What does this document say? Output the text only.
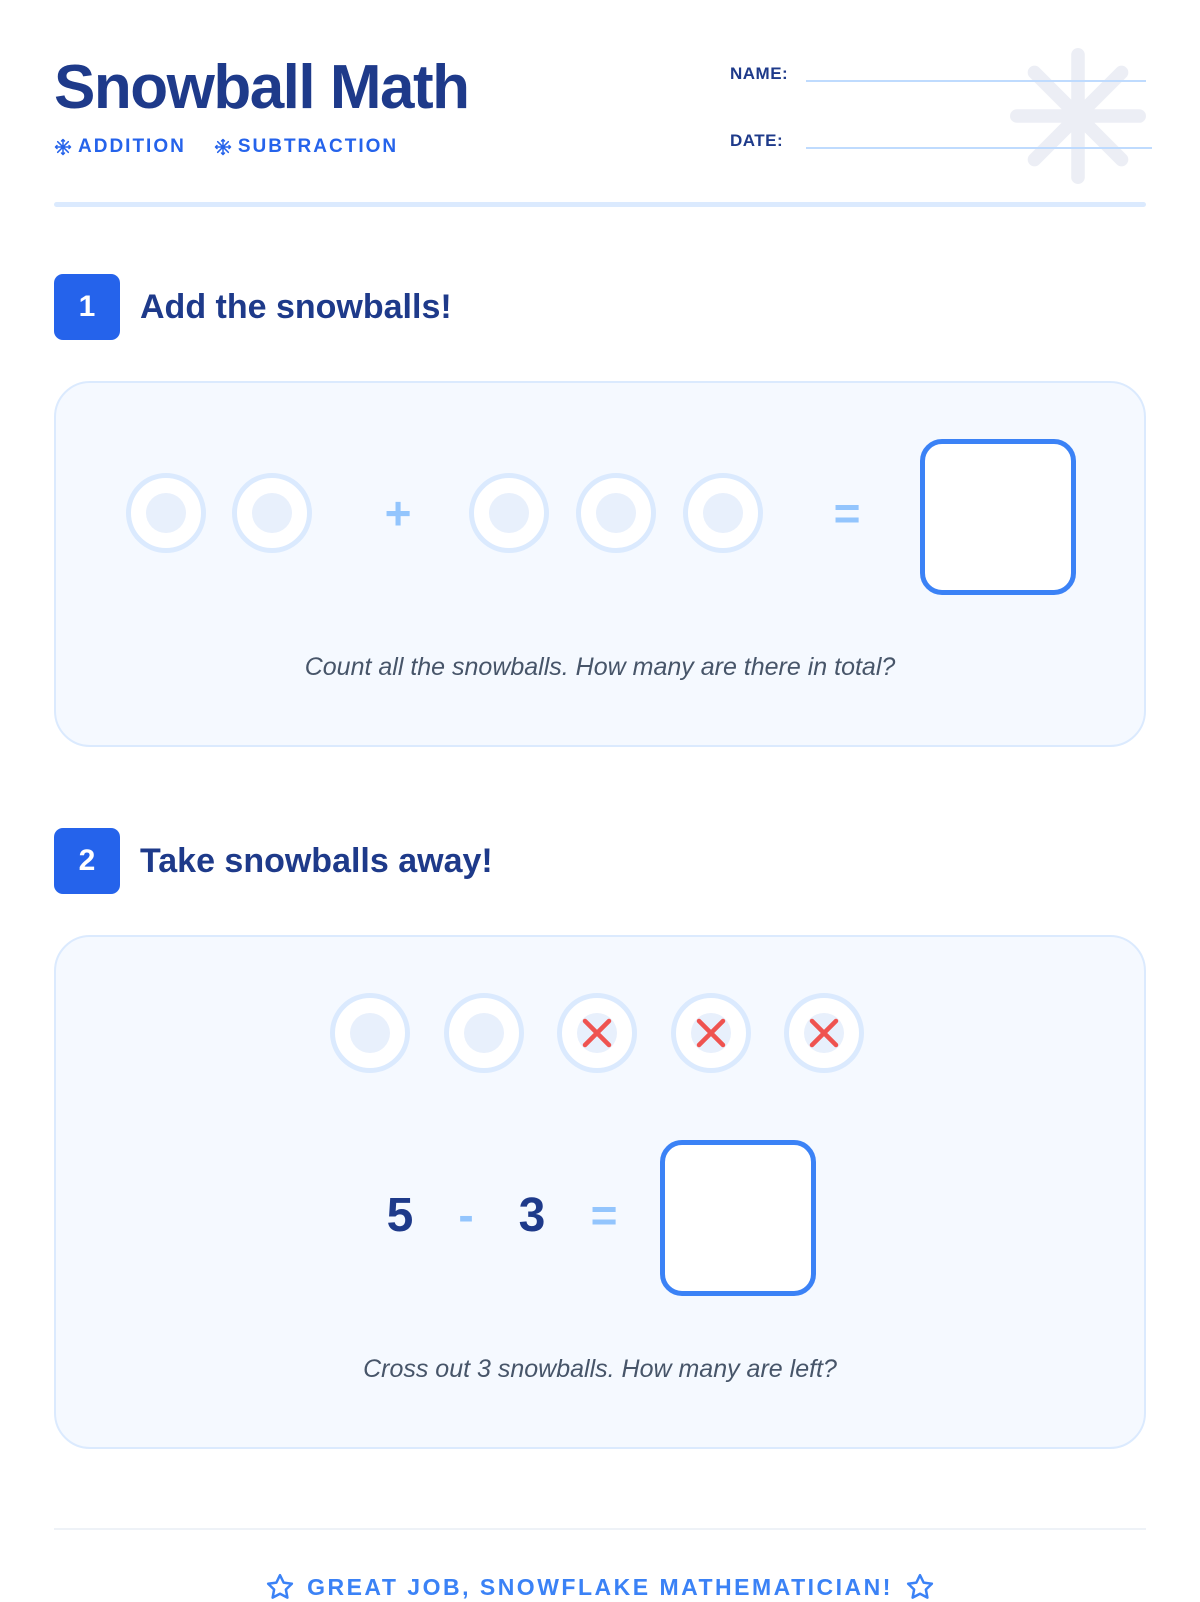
Snowball Math
ADDITION	SUBTRACTION
NAME:
DATE:
1	Add the snowballs!
+	=
Count all the snowballs. How many are there in total?
2	Take snowballs away!
5 - 3 =
Cross out 3 snowballs. How many are left?
GREAT JOB, SNOWFLAKE MATHEMATICIAN!
